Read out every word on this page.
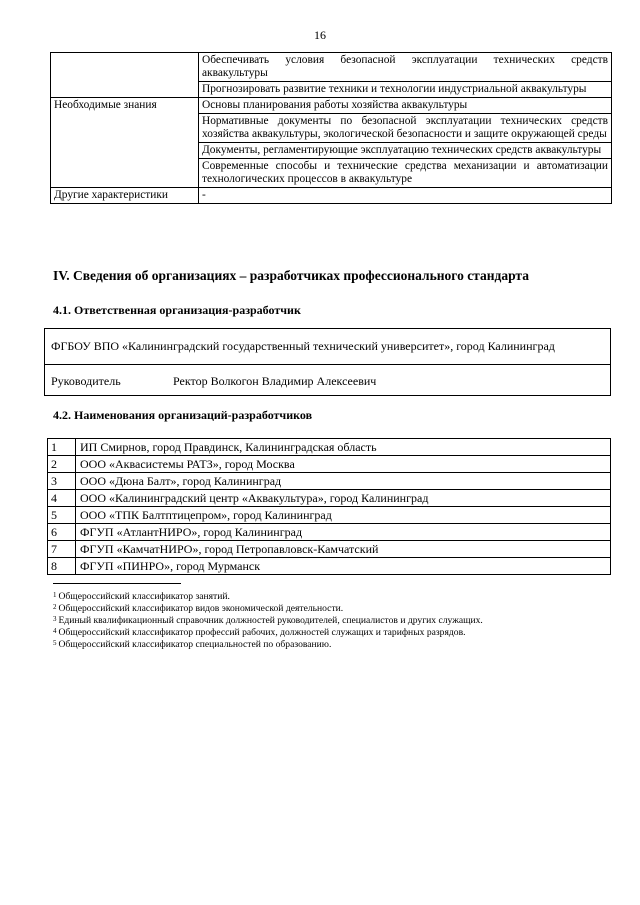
16
	Обеспечивать условия безопасной эксплуатации технических средств аквакультуры
	Прогнозировать развитие техники и технологии индустриальной аквакультуры
Необходимые знания	Основы планирования работы хозяйства аквакультуры
	Нормативные документы по безопасной эксплуатации технических средств хозяйства аквакультуры, экологической безопасности и защите окружающей среды
	Документы, регламентирующие эксплуатацию технических средств аквакультуры
	Современные способы и технические средства механизации и автоматизации технологических процессов в аквакультуре
Другие характеристики	-
IV. Сведения об организациях – разработчиках профессионального стандарта
4.1. Ответственная организация-разработчик
ФГБОУ ВПО «Калининградский государственный технический университет», город Калининград
Руководитель	Ректор Волкогон Владимир Алексеевич
4.2. Наименования организаций-разработчиков
1	ИП Смирнов, город Правдинск, Калининградская область
2	ООО «Аквасистемы РАТЗ», город Москва
3	ООО «Дюна Балт», город Калининград
4	ООО «Калининградский центр «Аквакультура», город Калининград
5	ООО «ТПК Балтптицепром», город Калининград
6	ФГУП «АтлантНИРО», город Калининград
7	ФГУП «КамчатНИРО», город Петропавловск-Камчатский
8	ФГУП «ПИНРО», город Мурманск
$^1$ Общероссийский классификатор занятий.
$^2$ Общероссийский классификатор видов экономической деятельности.
$^3$ Единый квалификационный справочник должностей руководителей, специалистов и других служащих.
$^4$ Общероссийский классификатор профессий рабочих, должностей служащих и тарифных разрядов.
$^5$ Общероссийский классификатор специальностей по образованию.
